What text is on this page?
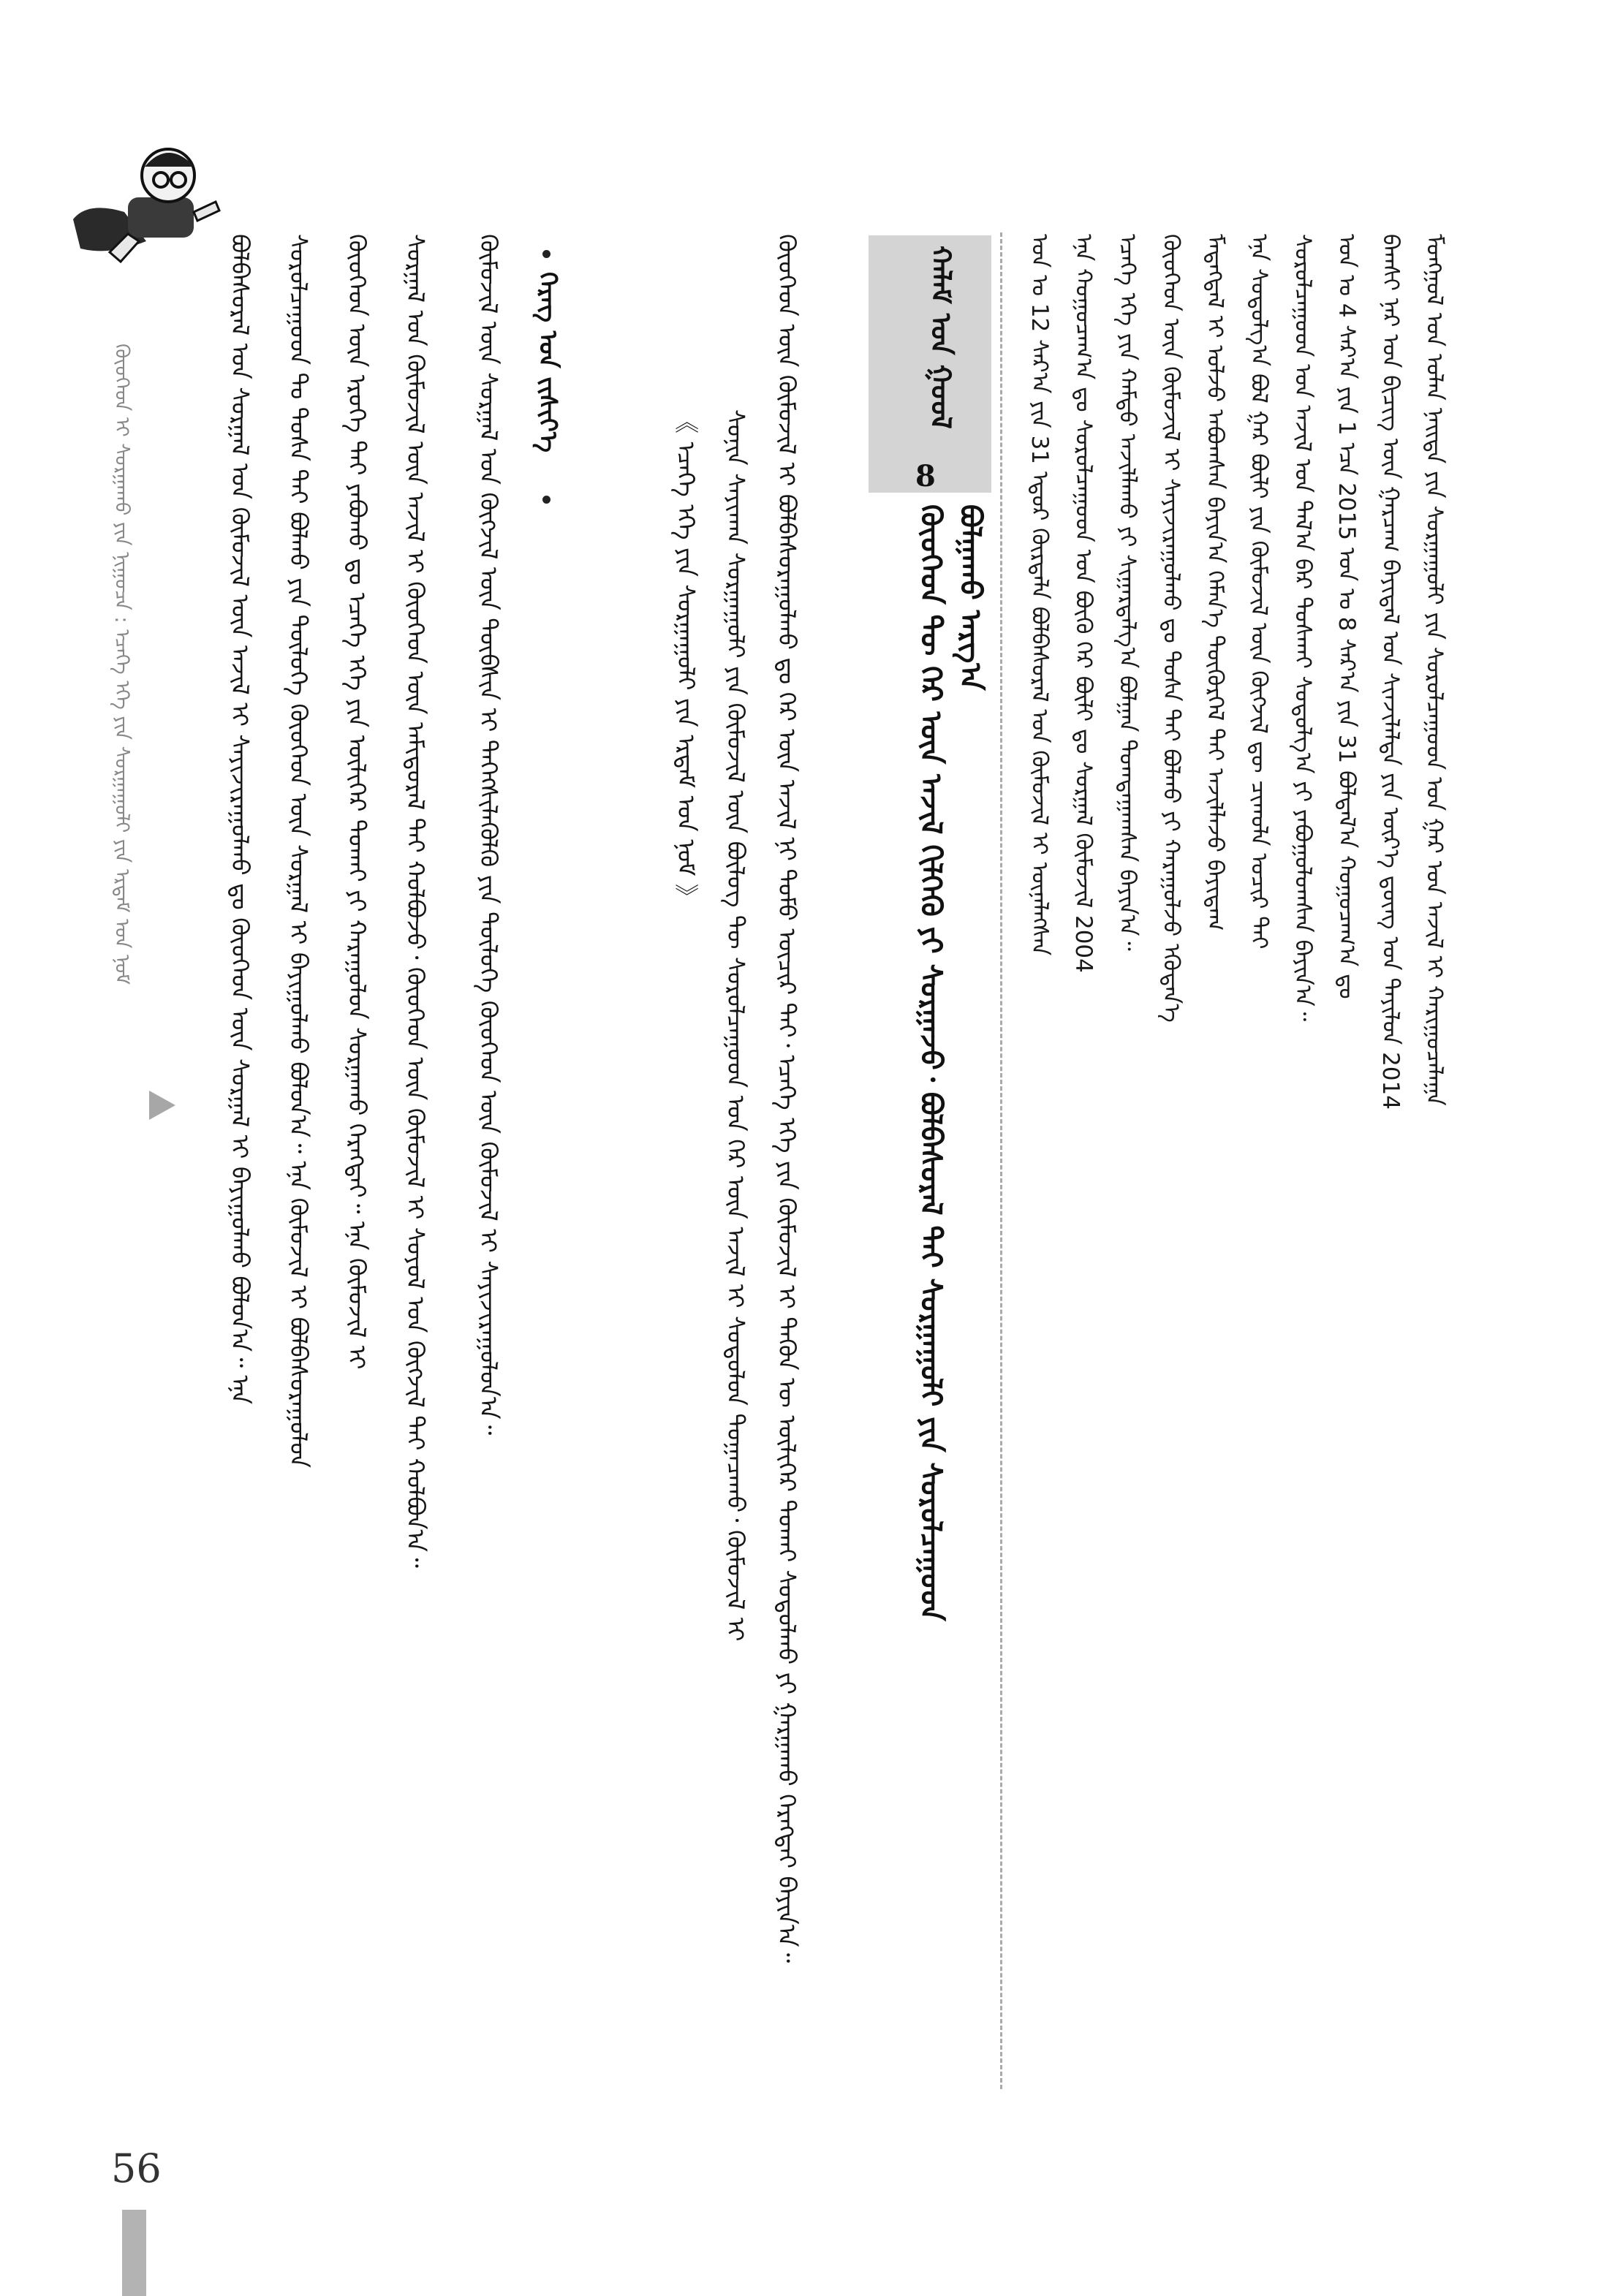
ᠮᠣᠩᠭᠣᠯ ᠤᠨ ᠣᠯᠠᠨ ᠨᠡᠢᠲᠡ ᠶᠢᠨ ᠰᠤᠷᠭᠠᠭᠤᠯᠢ ᠶᠢᠨ ᠰᠤᠷᠤᠯᠴᠠᠭᠤᠳ ᠤᠨ ᠭᠠᠷ ᠤᠨ ᠠᠵᠢᠯ ᠢ ᠬᠠᠷᠢᠭᠤᠴᠠᠯᠠᠭᠠ
ᠪᠠᠭᠰᠢ ᠨᠠᠷ ᠤᠨ ᠪᠢᠴᠢᠭ᠌ ᠦᠨ ᠭᠠᠷᠴᠠᠭ ᠪᠠᠶᠢᠳᠠᠯ ᠤᠨ ᠰᠢᠨᠵᠢᠯᠡᠯᠲᠡ ᠶᠢᠨ ᠦᠷ᠎ᠡ ᠳ᠋ᠦᠩ ᠤᠨ ᠲᠠᠶᠢᠯᠤᠨ 2014
ᠣᠨ ᠤ 4 ᠰᠠᠷ᠎ᠠ ᠶᠢᠨ 1 ᠡᠴᠡ 2015 ᠣᠨ ᠤ 8 ᠰᠠᠷ᠎ᠠ ᠶᠢᠨ 31 ᠪᠣᠯᠲᠠᠯ᠎ᠠ ᠬᠤᠭᠤᠴᠠᠭ᠎ᠠ ᠳᠤ
ᠰᠤᠷᠤᠯᠴᠠᠭᠤᠳ ᠤᠨ ᠠᠵᠢᠯ ᠤᠨ ᠲᠠᠯ᠎ᠠ ᠪᠠᠷ ᠲᠤᠰᠬᠠᠢ ᠰᠤᠳᠤᠯᠭ᠎ᠠ ᠶᠢ ᠶᠠᠪᠤᠭᠤᠯᠤᠭᠰᠠᠨ ᠪᠠᠶᠢᠨ᠎ᠠ᠃
ᠡᠨᠡ ᠰᠤᠳᠤᠯᠭ᠎ᠠ ᠪᠣᠯ ᠭᠠᠷ ᠪᠦᠯᠢ ᠶᠢᠨ ᠬᠦᠮᠦᠵᠢᠯ ᠦᠨ ᠬᠥᠭᠵᠢᠯ ᠳᠦ ᠴᠢᠬᠤᠯᠠ ᠤᠴᠢᠷ ᠲᠠᠢ
ᠮᠡᠳᠡᠭᠳᠡᠯ ᠢ ᠣᠯᠵᠤ ᠠᠪᠤᠭᠰᠠᠨ ᠪᠠᠶᠢᠨ᠎ᠠ ᠬᠡᠮᠡᠨ᠎ᠡ ᠳᠦᠭᠦᠷᠭᠡᠯ ᠲᠠᠢ ᠠᠵᠢᠯᠯᠠᠵᠤ ᠪᠠᠶᠢᠳᠠᠭ
ᠬᠦᠦᠬᠡᠳ ᠦᠨ ᠬᠦᠮᠦᠵᠢᠯ ᠢ ᠰᠠᠶᠢᠵᠢᠷᠠᠭᠤᠯᠬᠤ ᠳᠤ ᠲᠤᠰᠠ ᠲᠠᠢ ᠪᠣᠯᠬᠤ ᠶᠢ ᠬᠠᠷᠠᠭᠤᠯᠵᠤ ᠡᠭᠦᠳᠡᠨ᠎ᠡ
ᠡᠴᠡᠭᠡ ᠡᠬᠡ ᠶᠢᠨ ᠬᠠᠮᠲᠤ ᠠᠵᠢᠯᠯᠠᠬᠤ ᠶᠢ ᠰᠢᠭᠠᠷᠳᠠᠯᠭ᠎ᠠ ᠪᠣᠯᠭᠠᠨ ᠲᠣᠭᠲᠠᠭᠠᠭᠰᠠᠨ ᠪᠠᠶᠢᠨ᠎ᠠ᠃
ᠡᠨᠡ ᠬᠤᠭᠤᠴᠠᠭ᠎ᠠ ᠳᠤ ᠰᠤᠷᠤᠯᠴᠠᠭᠤᠳ ᠤᠨ ᠪᠦᠬᠦ ᠭᠡᠷ ᠪᠦᠯᠢ ᠳᠤ ᠰᠤᠷᠭᠠᠯ ᠬᠥᠮᠦᠵᠢᠯ 2004
ᠣᠨ ᠤ 12 ᠰᠠᠷ᠎ᠠ ᠶᠢᠨ 31 ᠡᠳᠦᠷ ᠬᠦᠷᠲᠡᠯᠡ ᠪᠣᠯᠪᠠᠰᠤᠷᠠᠯ ᠤᠨ ᠬᠦᠮᠦᠵᠢᠯ ᠢ ᠦᠨᠡᠯᠡᠭᠰᠡᠨ
ᠬᠠᠯᠠᠮ ᠤᠨ ᠭᠣᠣᠯ
8
ᠬᠦᠦᠬᠡᠳ ᠲᠦ ᠭᠡᠷ ᠦᠨ ᠠᠵᠢᠯ ᠬᠢᠯᠭᠡᠬᠦ ᠶᠢ ᠰᠤᠷᠭᠠᠵᠤ᠂ ᠪᠣᠯᠪᠠᠰᠤᠷᠠᠯ ᠲᠠᠢ ᠰᠤᠷᠭᠠᠭᠤᠯᠢ ᠶᠢᠨ ᠰᠤᠷᠤᠯᠴᠠᠭᠤᠳ ᠪᠣᠯᠭᠠᠬᠤ ᠠᠷᠭ᠎ᠠ
ᠬᠦᠦᠬᠡᠳ ᠦᠨ ᠬᠦᠮᠦᠵᠢᠯ ᠢ ᠪᠣᠯᠪᠠᠰᠤᠷᠠᠭᠤᠯᠬᠤ ᠳᠤ ᠭᠡᠷ ᠦᠨ ᠠᠵᠢᠯ ᠨᠢ ᠲᠣᠮᠤ ᠦᠴᠢᠷ ᠲᠠᠢ᠂ ᠡᠴᠡᠭᠡ ᠡᠬᠡ ᠶᠢᠨ ᠬᠦᠮᠦᠵᠢᠯ ᠢ ᠲᠡᠬᠦᠨ ᠦ ᠦᠯᠢᠭᠡᠷ ᠲᠤᠬᠠᠢ ᠰᠤᠳᠤᠯᠬᠤ ᠶᠢ ᠭᠠᠷᠭᠠᠬᠤ ᠬᠡᠷᠡᠭᠲᠡᠢ ᠪᠠᠶᠢᠨ᠎ᠠ᠃
ᠰᠣᠨᠢᠨ ᠰᠠᠶᠢᠬᠠᠨ ᠰᠤᠷᠭᠠᠭᠤᠯᠢ ᠶᠢᠨ ᠬᠦᠮᠦᠵᠢᠯ ᠦᠨ ᠪᠦᠯᠦᠭ ᠲᠦ ᠰᠤᠷᠤᠯᠴᠠᠭᠤᠳ ᠤᠨ ᠭᠡᠷ ᠦᠨ ᠠᠵᠢᠯ ᠢ ᠰᠤᠳᠤᠯᠤᠨ ᠲᠣᠭᠠᠴᠠᠬᠤ᠂ ᠬᠦᠮᠦᠵᠢᠯ ᠢ
《 ᠡᠴᠡᠭᠡ ᠡᠬᠡ ᠶᠢᠨ ᠰᠤᠷᠭᠠᠭᠤᠯᠢ ᠶᠢᠨ ᠡᠷᠳᠡᠮ ᠤᠨ ᠨᠣᠮ 》
ᠬᠡᠷᠡᠭ ᠤᠨ ᠵᠢᠱᠢᠶ᠎ᠡ
ᠬᠦᠮᠦᠵᠢᠯ ᠦᠨ ᠰᠤᠷᠭᠠᠯ ᠤᠨ ᠬᠥᠭᠵᠢᠯ ᠦᠨ ᠲᠦᠪᠰᠢᠨ ᠢ ᠳᠡᠭᠡᠭᠰᠢᠯᠡᠭᠦᠯᠬᠦ ᠶᠢᠨ ᠲᠥᠯᠥᠭᠡ ᠬᠦᠦᠬᠡᠳ ᠦᠨ ᠬᠥᠮᠦᠵᠢᠯ ᠢ ᠰᠠᠶᠢᠵᠢᠷᠠᠭᠤᠯᠤᠨ᠎ᠠ᠃
ᠰᠤᠷᠭᠠᠯ ᠤᠨ ᠬᠦᠮᠦᠵᠢᠯ ᠦᠨ ᠠᠵᠢᠯ ᠢ ᠬᠦᠦᠬᠡᠳ ᠦᠨ ᠠᠮᠢᠳᠤᠷᠠᠯ ᠲᠠᠢ ᠬᠣᠯᠪᠤᠵᠤ᠂ ᠬᠦᠦᠬᠡᠳ ᠦᠨ ᠬᠦᠮᠦᠵᠢᠯ ᠢ ᠰᠣᠶᠣᠯ ᠤᠨ ᠬᠥᠭᠵᠢᠯ ᠲᠡᠢ ᠬᠣᠯᠪᠤᠨ᠎ᠠ᠃
ᠬᠦᠦᠬᠡᠳ ᠦᠨ ᠡᠷᠦᠬᠡ ᠲᠠᠢ ᠶᠠᠪᠤᠬᠤ ᠳᠤ ᠡᠴᠡᠭᠡ ᠡᠬᠡ ᠶᠢᠨ ᠦᠯᠢᠭᠡᠷ ᠲᠤᠬᠠᠢ ᠶᠢ ᠬᠠᠷᠠᠭᠤᠯᠤᠨ ᠰᠤᠷᠭᠠᠬᠤ ᠬᠡᠷᠡᠭᠲᠡᠢ᠃ ᠡᠨᠡ ᠬᠦᠮᠦᠵᠢᠯ ᠢ
ᠰᠤᠷᠤᠯᠴᠠᠭᠤᠳ ᠲᠤ ᠲᠤᠰᠠ ᠲᠠᠢ ᠪᠣᠯᠬᠤ ᠶᠢᠨ ᠲᠥᠯᠥᠭᠡ ᠬᠦᠦᠬᠡᠳ ᠦᠨ ᠰᠤᠷᠭᠠᠯ ᠢ ᠪᠠᠶᠢᠭᠤᠯᠬᠤ ᠪᠣᠯᠤᠨ᠎ᠠ᠃ ᠡᠨᠡ ᠬᠦᠮᠦᠵᠢᠯ ᠢ ᠪᠣᠯᠪᠠᠰᠤᠷᠠᠭᠤᠯᠤᠨ
ᠪᠣᠯᠪᠠᠰᠤᠷᠠᠯ ᠤᠨ ᠰᠤᠷᠭᠠᠯ ᠤᠨ ᠬᠦᠮᠦᠵᠢᠯ ᠦᠨ ᠠᠵᠢᠯ ᠢ ᠰᠠᠶᠢᠵᠢᠷᠠᠭᠤᠯᠬᠤ ᠳᠤ ᠬᠦᠦᠬᠡᠳ ᠦᠨ ᠰᠤᠷᠭᠠᠯ ᠢ ᠪᠠᠶᠢᠭᠤᠯᠬᠤ ᠪᠣᠯᠤᠨ᠎ᠠ᠃ ᠡᠨᠡ
ᠬᠦᠦᠬᠡᠳ ᠢ ᠰᠤᠷᠭᠠᠬᠤ ᠶᠢᠨ ᠨᠢᠭᠤᠴᠠ : ᠡᠴᠡᠭᠡ ᠡᠬᠡ ᠶᠢᠨ ᠰᠤᠷᠭᠠᠭᠤᠯᠢ ᠶᠢᠨ ᠡᠷᠳᠡᠮ ᠤᠨ ᠨᠣᠮ
56
